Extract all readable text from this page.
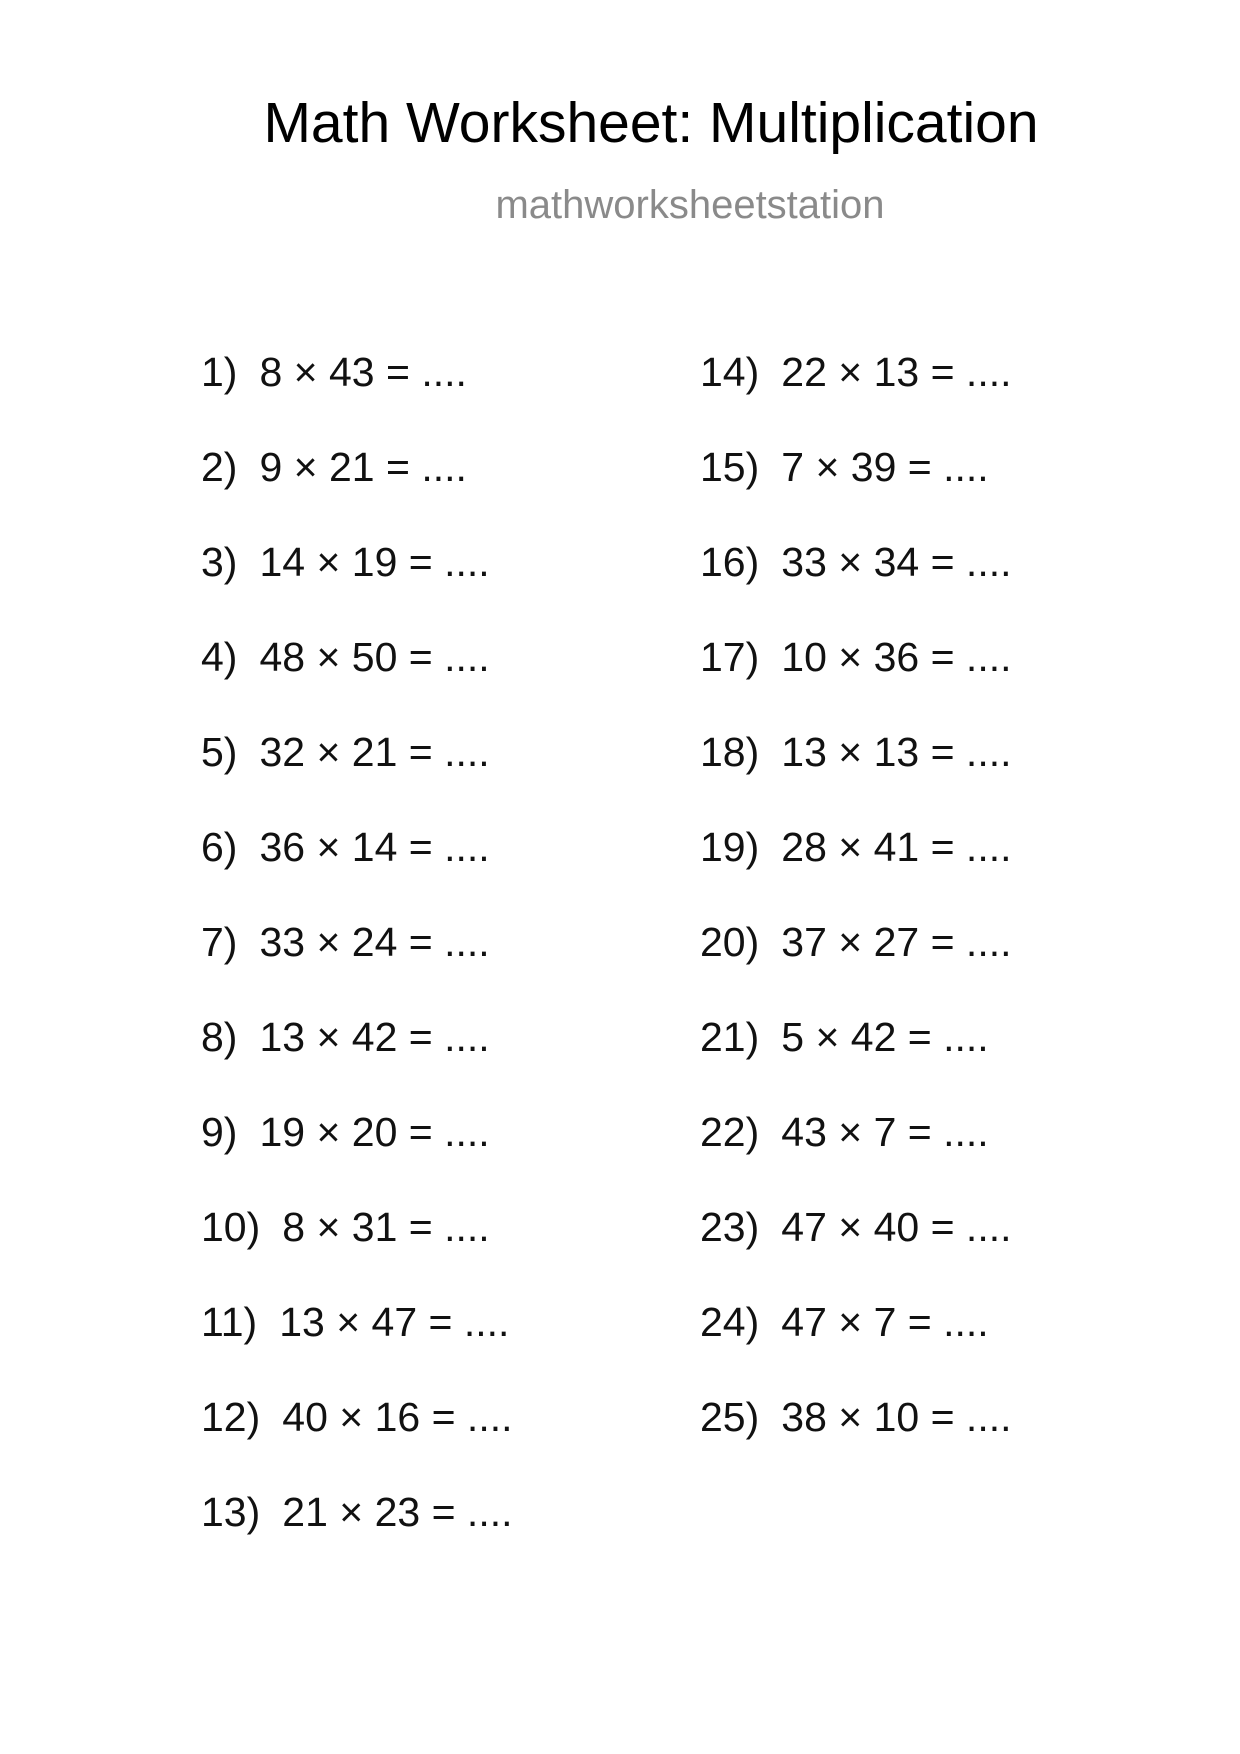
Math Worksheet: Multiplication
mathworksheetstation
1) 8 × 43 = ....
2) 9 × 21 = ....
3) 14 × 19 = ....
4) 48 × 50 = ....
5) 32 × 21 = ....
6) 36 × 14 = ....
7) 33 × 24 = ....
8) 13 × 42 = ....
9) 19 × 20 = ....
10) 8 × 31 = ....
11) 13 × 47 = ....
12) 40 × 16 = ....
13) 21 × 23 = ....
14) 22 × 13 = ....
15) 7 × 39 = ....
16) 33 × 34 = ....
17) 10 × 36 = ....
18) 13 × 13 = ....
19) 28 × 41 = ....
20) 37 × 27 = ....
21) 5 × 42 = ....
22) 43 × 7 = ....
23) 47 × 40 = ....
24) 47 × 7 = ....
25) 38 × 10 = ....
